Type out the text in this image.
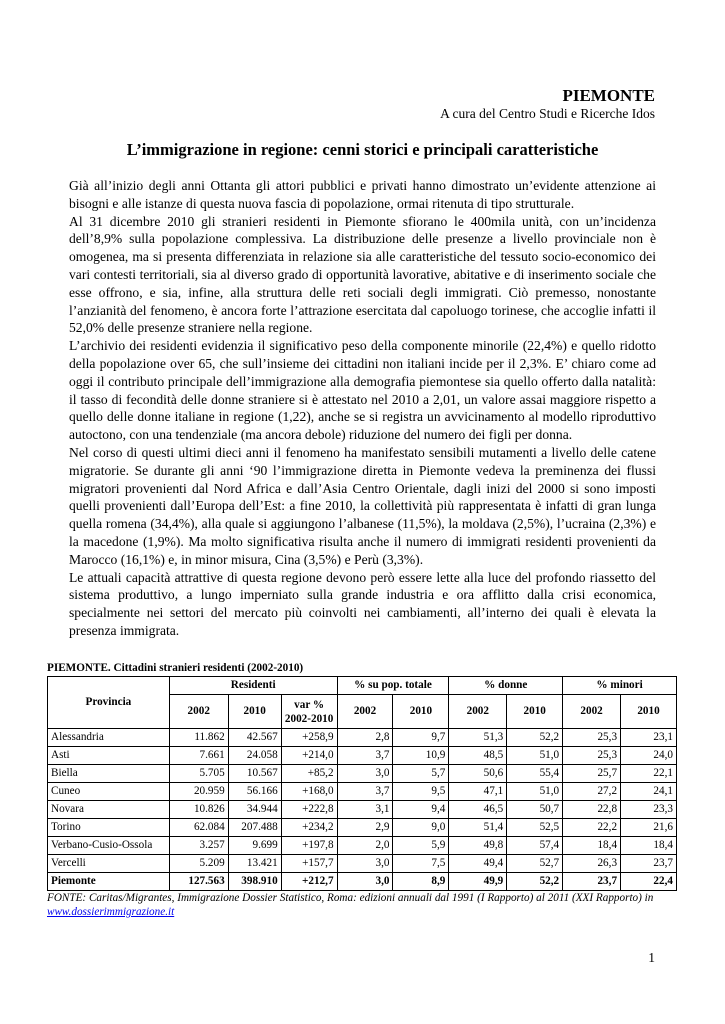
PIEMONTE
A cura del Centro Studi e Ricerche Idos
L’immigrazione in regione: cenni storici e principali caratteristiche

Già all’inizio degli anni Ottanta gli attori pubblici e privati hanno dimostrato un’evidente attenzione ai bisogni e alle istanze di questa nuova fascia di popolazione, ormai ritenuta di tipo strutturale.

Al 31 dicembre 2010 gli stranieri residenti in Piemonte sfiorano le 400mila unità, con un’incidenza dell’8,9% sulla popolazione complessiva. La distribuzione delle presenze a livello provinciale non è omogenea, ma si presenta differenziata in relazione sia alle caratteristiche del tessuto socio-economico dei vari contesti territoriali, sia al diverso grado di opportunità lavorative, abitative e di inserimento sociale che esse offrono, e sia, infine, alla struttura delle reti sociali degli immigrati. Ciò premesso, nonostante l’anzianità del fenomeno, è ancora forte l’attrazione esercitata dal capoluogo torinese, che accoglie infatti il 52,0% delle presenze straniere nella regione.

L’archivio dei residenti evidenzia il significativo peso della componente minorile (22,4%) e quello ridotto della popolazione over 65, che sull’insieme dei cittadini non italiani incide per il 2,3%. E’ chiaro come ad oggi il contributo principale dell’immigrazione alla demografia piemontese sia quello offerto dalla natalità: il tasso di fecondità delle donne straniere si è attestato nel 2010 a 2,01, un valore assai maggiore rispetto a quello delle donne italiane in regione (1,22), anche se si registra un avvicinamento al modello riproduttivo autoctono, con una tendenziale (ma ancora debole) riduzione del numero dei figli per donna.

Nel corso di questi ultimi dieci anni il fenomeno ha manifestato sensibili mutamenti a livello delle catene migratorie. Se durante gli anni ‘90 l’immigrazione diretta in Piemonte vedeva la preminenza dei flussi migratori provenienti dal Nord Africa e dall’Asia Centro Orientale, dagli inizi del 2000 si sono imposti quelli provenienti dall’Europa dell’Est: a fine 2010, la collettività più rappresentata è infatti di gran lunga quella romena (34,4%), alla quale si aggiungono l’albanese (11,5%), la moldava (2,5%), l’ucraina (2,3%) e la macedone (1,9%). Ma molto significativa risulta anche il numero di immigrati residenti provenienti da Marocco (16,1%) e, in minor misura, Cina (3,5%) e Perù (3,3%).

Le attuali capacità attrattive di questa regione devono però essere lette alla luce del profondo riassetto del sistema produttivo, a lungo imperniato sulla grande industria e ora afflitto dalla crisi economica, specialmente nei settori del mercato più coinvolti nei cambiamenti, all’interno dei quali è elevata la presenza immigrata.

PIEMONTE. Cittadini stranieri residenti (2002-2010)
Provincia	Residenti			% su pop. totale		% donne		% minori	
	2002	2010	var % 2002-2010	2002	2010	2002	2010	2002	2010
Alessandria	11.862	42.567	+258,9	2,8	9,7	51,3	52,2	25,3	23,1
Asti	7.661	24.058	+214,0	3,7	10,9	48,5	51,0	25,3	24,0
Biella	5.705	10.567	+85,2	3,0	5,7	50,6	55,4	25,7	22,1
Cuneo	20.959	56.166	+168,0	3,7	9,5	47,1	51,0	27,2	24,1
Novara	10.826	34.944	+222,8	3,1	9,4	46,5	50,7	22,8	23,3
Torino	62.084	207.488	+234,2	2,9	9,0	51,4	52,5	22,2	21,6
Verbano-Cusio-Ossola	3.257	9.699	+197,8	2,0	5,9	49,8	57,4	18,4	18,4
Vercelli	5.209	13.421	+157,7	3,0	7,5	49,4	52,7	26,3	23,7
Piemonte	127.563	398.910	+212,7	3,0	8,9	49,9	52,2	23,7	22,4
FONTE: Caritas/Migrantes, Immigrazione Dossier Statistico, Roma: edizioni annuali dal 1991 (I Rapporto) al 2011 (XXI Rapporto) in www.dossierimmigrazione.it
1
